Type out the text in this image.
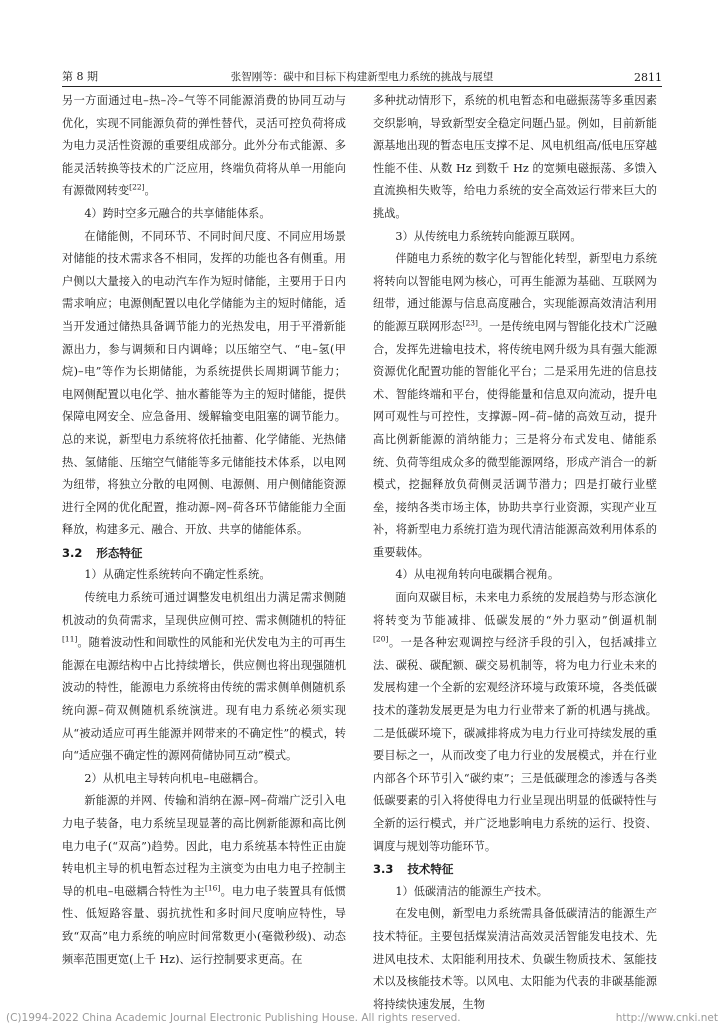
第 8 期	张智刚等：碳中和目标下构建新型电力系统的挑战与展望	2811

另一方面通过电–热–冷–气等不同能源消费的协同互动与优化，实现不同能源负荷的弹性替代，灵活可控负荷将成为电力灵活性资源的重要组成部分。此外分布式能源、多能灵活转换等技术的广泛应用，终端负荷将从单一用能向有源微网转变[22]。

4）跨时空多元融合的共享储能体系。

在储能侧，不同环节、不同时间尺度、不同应用场景对储能的技术需求各不相同，发挥的功能也各有侧重。用户侧以大量接入的电动汽车作为短时储能，主要用于日内需求响应；电源侧配置以电化学储能为主的短时储能，适当开发通过储热具备调节能力的光热发电，用于平滑新能源出力，参与调频和日内调峰；以压缩空气、“电–氢(甲烷)–电”等作为长期储能，为系统提供长周期调节能力；电网侧配置以电化学、抽水蓄能等为主的短时储能，提供保障电网安全、应急备用、缓解输变电阻塞的调节能力。总的来说，新型电力系统将依托抽蓄、化学储能、光热储热、氢储能、压缩空气储能等多元储能技术体系，以电网为纽带，将独立分散的电网侧、电源侧、用户侧储能资源进行全网的优化配置，推动源–网–荷各环节储能能力全面释放，构建多元、融合、开放、共享的储能体系。

3.2 形态特征

1）从确定性系统转向不确定性系统。

传统电力系统可通过调整发电机组出力满足需求侧随机波动的负荷需求，呈现供应侧可控、需求侧随机的特征[11]。随着波动性和间歇性的风能和光伏发电为主的可再生能源在电源结构中占比持续增长，供应侧也将出现强随机波动的特性，能源电力系统将由传统的需求侧单侧随机系统向源–荷双侧随机系统演进。现有电力系统必须实现从“被动适应可再生能源并网带来的不确定性”的模式，转向“适应强不确定性的源网荷储协同互动”模式。

2）从机电主导转向机电–电磁耦合。

新能源的并网、传输和消纳在源–网–荷端广泛引入电力电子装备，电力系统呈现显著的高比例新能源和高比例电力电子(“双高”)趋势。因此，电力系统基本特性正由旋转电机主导的机电暂态过程为主演变为由电力电子控制主导的机电–电磁耦合特性为主[16]。电力电子装置具有低惯性、低短路容量、弱抗扰性和多时间尺度响应特性，导致“双高”电力系统的响应时间常数更小(毫微秒级)、动态频率范围更宽(上千 Hz)、运行控制要求更高。在

多种扰动情形下，系统的机电暂态和电磁振荡等多重因素交织影响，导致新型安全稳定问题凸显。例如，目前新能源基地出现的暂态电压支撑不足、风电机组高/低电压穿越性能不佳、从数 Hz 到数千 Hz 的宽频电磁振荡、多馈入直流换相失败等，给电力系统的安全高效运行带来巨大的挑战。

3）从传统电力系统转向能源互联网。

伴随电力系统的数字化与智能化转型，新型电力系统将转向以智能电网为核心，可再生能源为基础、互联网为纽带，通过能源与信息高度融合，实现能源高效清洁利用的能源互联网形态[23]。一是传统电网与智能化技术广泛融合，发挥先进输电技术，将传统电网升级为具有强大能源资源优化配置功能的智能化平台；二是采用先进的信息技术、智能终端和平台，使得能量和信息双向流动，提升电网可观性与可控性，支撑源–网–荷–储的高效互动，提升高比例新能源的消纳能力；三是将分布式发电、储能系统、负荷等组成众多的微型能源网络，形成产消合一的新模式，挖掘释放负荷侧灵活调节潜力；四是打破行业壁垒，接纳各类市场主体，协助共享行业资源，实现产业互补，将新型电力系统打造为现代清洁能源高效利用体系的重要载体。

4）从电视角转向电碳耦合视角。

面向双碳目标，未来电力系统的发展趋势与形态演化将转变为节能减排、低碳发展的“外力驱动”倒逼机制[20]。一是各种宏观调控与经济手段的引入，包括减排立法、碳税、碳配额、碳交易机制等，将为电力行业未来的发展构建一个全新的宏观经济环境与政策环境，各类低碳技术的蓬勃发展更是为电力行业带来了新的机遇与挑战。二是低碳环境下，碳减排将成为电力行业可持续发展的重要目标之一，从而改变了电力行业的发展模式，并在行业内部各个环节引入“碳约束”；三是低碳理念的渗透与各类低碳要素的引入将使得电力行业呈现出明显的低碳特性与全新的运行模式，并广泛地影响电力系统的运行、投资、调度与规划等功能环节。

3.3 技术特征

1）低碳清洁的能源生产技术。

在发电侧，新型电力系统需具备低碳清洁的能源生产技术特征。主要包括煤炭清洁高效灵活智能发电技术、先进风电技术、太阳能利用技术、负碳生物质技术、氢能技术以及核能技术等。以风电、太阳能为代表的非碳基能源将持续快速发展，生物

(C)1994-2022 China Academic Journal Electronic Publishing House. All rights reserved.	http://www.cnki.net
